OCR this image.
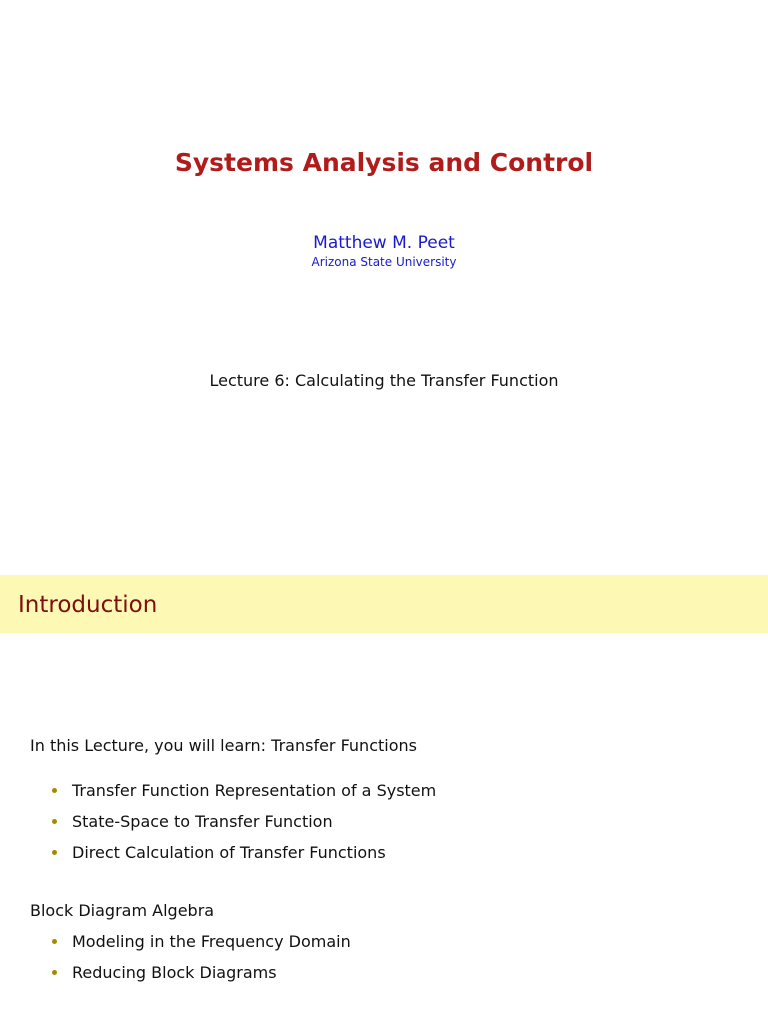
Systems Analysis and Control
Matthew M. Peet
Arizona State University
Lecture 6: Calculating the Transfer Function
Introduction
In this Lecture, you will learn: Transfer Functions
Transfer Function Representation of a System
State-Space to Transfer Function
Direct Calculation of Transfer Functions
Block Diagram Algebra
Modeling in the Frequency Domain
Reducing Block Diagrams
